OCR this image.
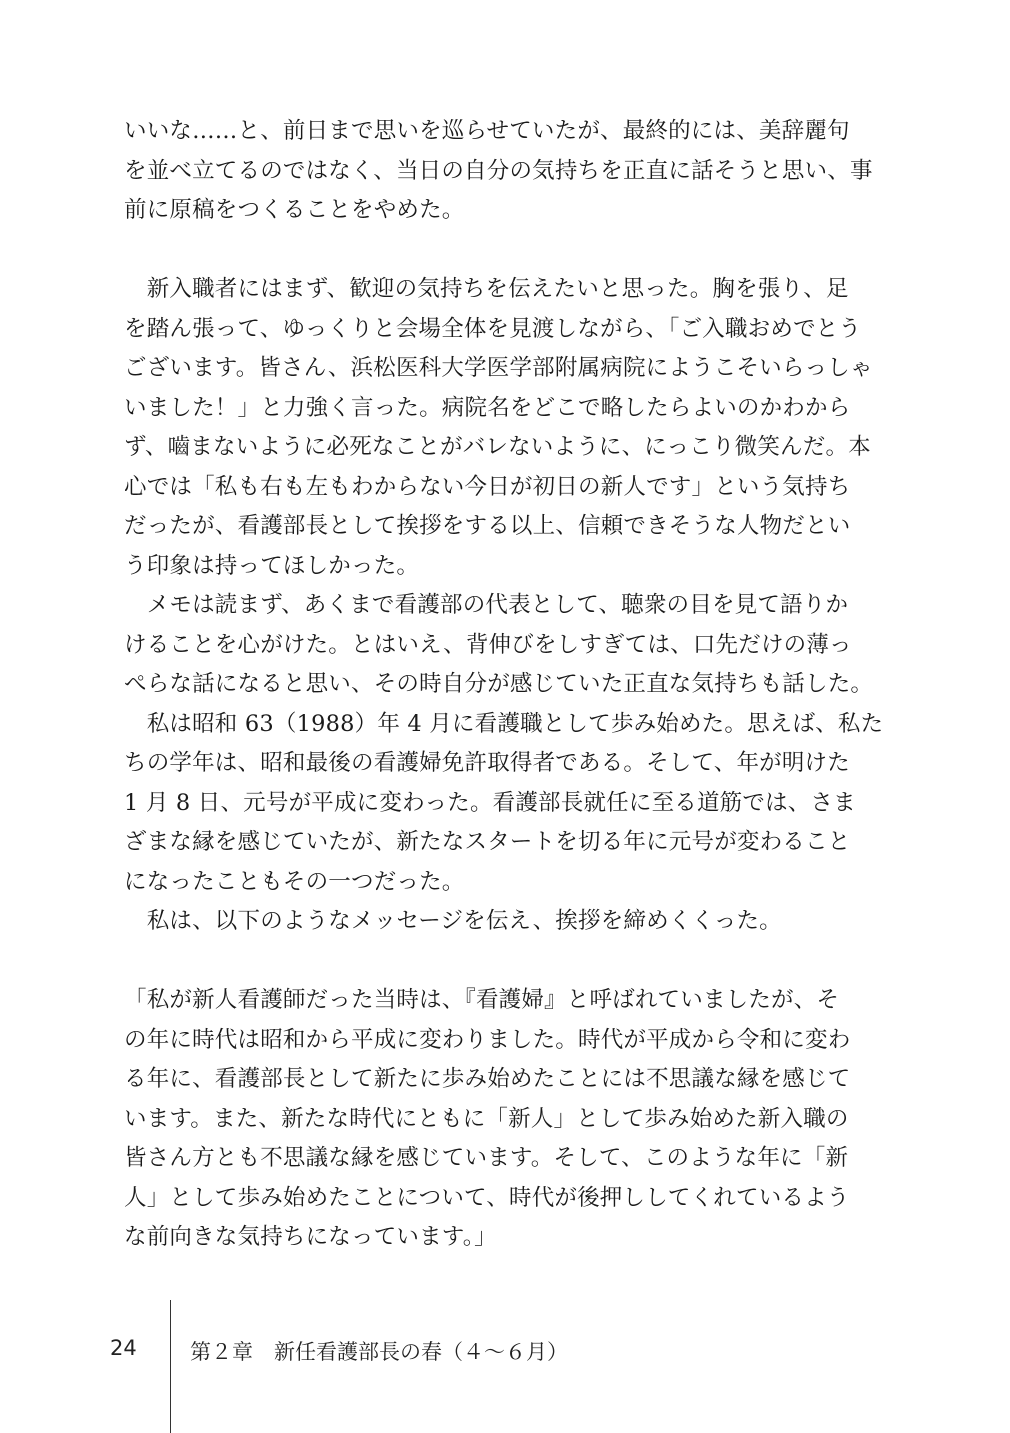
いいな……と、前日まで思いを巡らせていたが、最終的には、美辞麗句
を並べ立てるのではなく、当日の自分の気持ちを正直に話そうと思い、事
前に原稿をつくることをやめた。
　新入職者にはまず、歓迎の気持ちを伝えたいと思った。胸を張り、足
を踏ん張って、ゆっくりと会場全体を見渡しながら、「ご入職おめでとう
ございます。皆さん、浜松医科大学医学部附属病院にようこそいらっしゃ
いました！」と力強く言った。病院名をどこで略したらよいのかわから
ず、嚙まないように必死なことがバレないように、にっこり微笑んだ。本
心では「私も右も左もわからない今日が初日の新人です」という気持ち
だったが、看護部長として挨拶をする以上、信頼できそうな人物だとい
う印象は持ってほしかった。
　メモは読まず、あくまで看護部の代表として、聴衆の目を見て語りか
けることを心がけた。とはいえ、背伸びをしすぎては、口先だけの薄っ
ぺらな話になると思い、その時自分が感じていた正直な気持ちも話した。
　私は昭和 63（1988）年 4 月に看護職として歩み始めた。思えば、私た
ちの学年は、昭和最後の看護婦免許取得者である。そして、年が明けた
1 月 8 日、元号が平成に変わった。看護部長就任に至る道筋では、さま
ざまな縁を感じていたが、新たなスタートを切る年に元号が変わること
になったこともその一つだった。
　私は、以下のようなメッセージを伝え、挨拶を締めくくった。
「私が新人看護師だった当時は、『看護婦』と呼ばれていましたが、そ
の年に時代は昭和から平成に変わりました。時代が平成から令和に変わ
る年に、看護部長として新たに歩み始めたことには不思議な縁を感じて
います。また、新たな時代にともに「新人」として歩み始めた新入職の
皆さん方とも不思議な縁を感じています。そして、このような年に「新
人」として歩み始めたことについて、時代が後押ししてくれているよう
な前向きな気持ちになっています。」
24	第２章　新任看護部長の春（４～６月）
